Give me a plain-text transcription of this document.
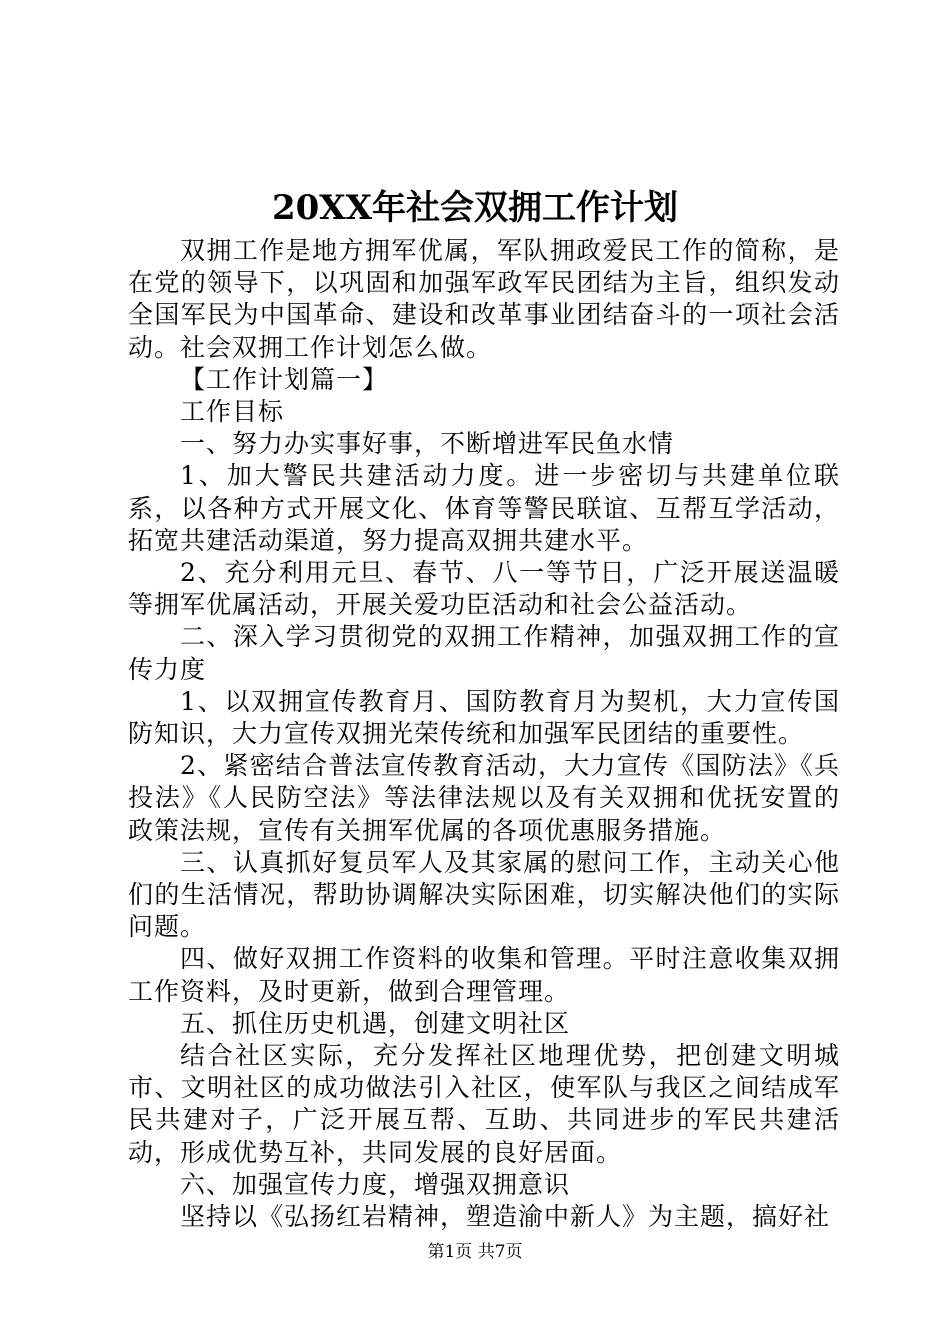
20XX年社会双拥工作计划

双拥工作是地方拥军优属，军队拥政爱民工作的简称，是在党的领导下，以巩固和加强军政军民团结为主旨，组织发动全国军民为中国革命、建设和改革事业团结奋斗的一项社会活动。社会双拥工作计划怎么做。

【工作计划篇一】

工作目标

一、努力办实事好事，不断增进军民鱼水情

1、加大警民共建活动力度。进一步密切与共建单位联系，以各种方式开展文化、体育等警民联谊、互帮互学活动，拓宽共建活动渠道，努力提高双拥共建水平。

2、充分利用元旦、春节、八一等节日，广泛开展送温暖等拥军优属活动，开展关爱功臣活动和社会公益活动。

二、深入学习贯彻党的双拥工作精神，加强双拥工作的宣传力度

1、以双拥宣传教育月、国防教育月为契机，大力宣传国防知识，大力宣传双拥光荣传统和加强军民团结的重要性。

2、紧密结合普法宣传教育活动，大力宣传《国防法》《兵投法》《人民防空法》等法律法规以及有关双拥和优抚安置的政策法规，宣传有关拥军优属的各项优惠服务措施。

三、认真抓好复员军人及其家属的慰问工作，主动关心他们的生活情况，帮助协调解决实际困难，切实解决他们的实际问题。

四、做好双拥工作资料的收集和管理。平时注意收集双拥工作资料，及时更新，做到合理管理。

五、抓住历史机遇，创建文明社区

结合社区实际，充分发挥社区地理优势，把创建文明城市、文明社区的成功做法引入社区，使军队与我区之间结成军民共建对子，广泛开展互帮、互助、共同进步的军民共建活动，形成优势互补，共同发展的良好居面。

六、加强宣传力度，增强双拥意识

坚持以《弘扬红岩精神，塑造渝中新人》为主题，搞好社

第1页 共7页
